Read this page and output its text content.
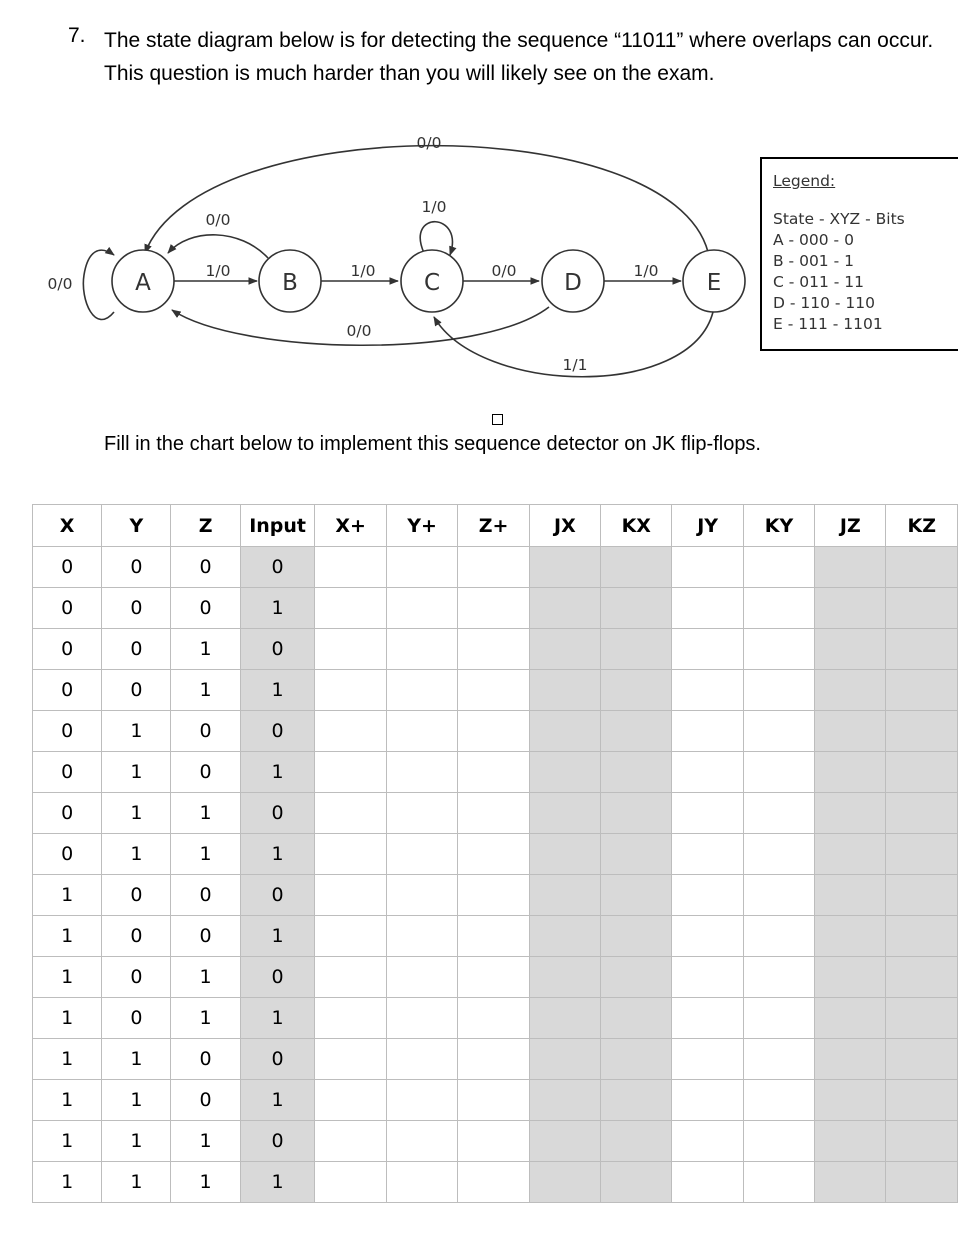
7. The state diagram below is for detecting the sequence “11011” where overlaps can occur. This question is much harder than you will likely see on the exam.
A	B	C	D	E
0/0
1/0
0/0
1/0
1/0
0/0
0/0
1/0
0/0
1/1
Legend:
State - XYZ - Bits
A - 000 - 0
B - 001 - 1
C - 011 - 11
D - 110 - 110
E - 111 - 1101
Fill in the chart below to implement this sequence detector on JK flip-flops.
X	Y	Z	Input	X+	Y+	Z+	JX	KX	JY	KY	JZ	KZ
0	0	0	0									
0	0	0	1									
0	0	1	0									
0	0	1	1									
0	1	0	0									
0	1	0	1									
0	1	1	0									
0	1	1	1									
1	0	0	0									
1	0	0	1									
1	0	1	0									
1	0	1	1									
1	1	0	0									
1	1	0	1									
1	1	1	0									
1	1	1	1									
